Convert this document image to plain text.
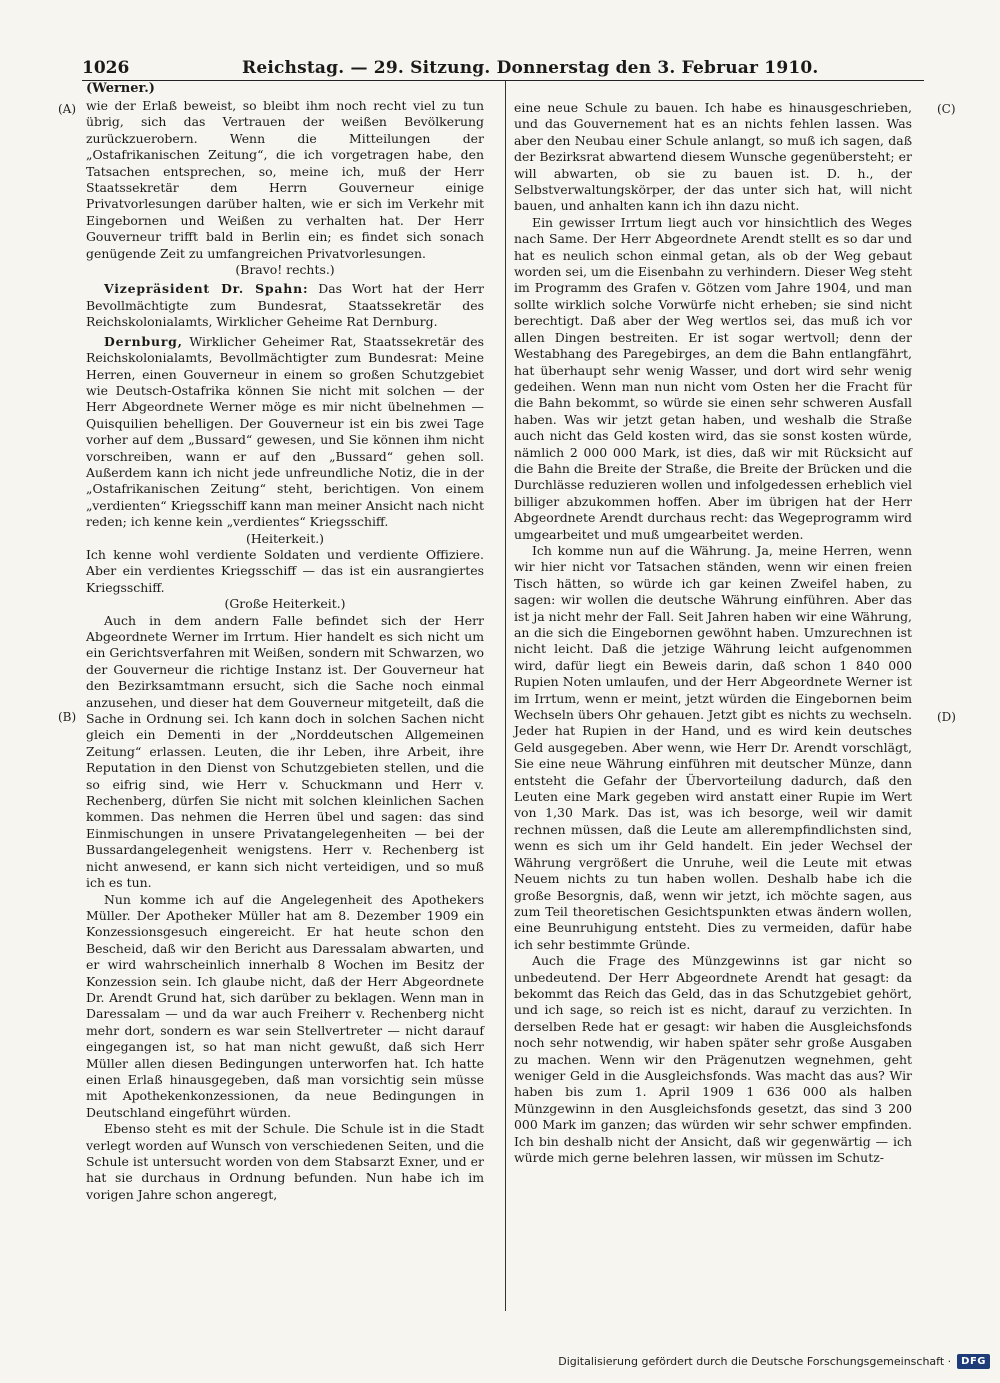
1026	Reichstag. — 29. Sitzung. Donnerstag den 3. Februar 1910.
(Werner.)
(A)
(B)
(C)
(D)

wie der Erlaß beweist, so bleibt ihm noch recht viel zu tun übrig, sich das Vertrauen der weißen Bevölkerung zurückzuerobern. Wenn die Mitteilungen der „Ostafrikanischen Zeitung“, die ich vorgetragen habe, den Tatsachen entsprechen, so, meine ich, muß der Herr Staatssekretär dem Herrn Gouverneur einige Privatvorlesungen darüber halten, wie er sich im Verkehr mit Eingebornen und Weißen zu verhalten hat. Der Herr Gouverneur trifft bald in Berlin ein; es findet sich sonach genügende Zeit zu umfangreichen Privatvorlesungen.

(Bravo! rechts.)

Vizepräsident Dr. Spahn: Das Wort hat der Herr Bevollmächtigte zum Bundesrat, Staatssekretär des Reichskolonialamts, Wirklicher Geheime Rat Dernburg.

Dernburg, Wirklicher Geheimer Rat, Staatssekretär des Reichskolonialamts, Bevollmächtigter zum Bundesrat: Meine Herren, einen Gouverneur in einem so großen Schutzgebiet wie Deutsch-Ostafrika können Sie nicht mit solchen — der Herr Abgeordnete Werner möge es mir nicht übelnehmen — Quisquilien behelligen. Der Gouverneur ist ein bis zwei Tage vorher auf dem „Bussard“ gewesen, und Sie können ihm nicht vorschreiben, wann er auf den „Bussard“ gehen soll. Außerdem kann ich nicht jede unfreundliche Notiz, die in der „Ostafrikanischen Zeitung“ steht, berichtigen. Von einem „verdienten“ Kriegsschiff kann man meiner Ansicht nach nicht reden; ich kenne kein „verdientes“ Kriegsschiff.

(Heiterkeit.)

Ich kenne wohl verdiente Soldaten und verdiente Offiziere. Aber ein verdientes Kriegsschiff — das ist ein ausrangiertes Kriegsschiff.

(Große Heiterkeit.)

Auch in dem andern Falle befindet sich der Herr Abgeordnete Werner im Irrtum. Hier handelt es sich nicht um ein Gerichtsverfahren mit Weißen, sondern mit Schwarzen, wo der Gouverneur die richtige Instanz ist. Der Gouverneur hat den Bezirksamtmann ersucht, sich die Sache noch einmal anzusehen, und dieser hat dem Gouverneur mitgeteilt, daß die Sache in Ordnung sei. Ich kann doch in solchen Sachen nicht gleich ein Dementi in der „Norddeutschen Allgemeinen Zeitung“ erlassen. Leuten, die ihr Leben, ihre Arbeit, ihre Reputation in den Dienst von Schutzgebieten stellen, und die so eifrig sind, wie Herr v. Schuckmann und Herr v. Rechenberg, dürfen Sie nicht mit solchen kleinlichen Sachen kommen. Das nehmen die Herren übel und sagen: das sind Einmischungen in unsere Privatangelegenheiten — bei der Bussardangelegenheit wenigstens. Herr v. Rechenberg ist nicht anwesend, er kann sich nicht verteidigen, und so muß ich es tun.

Nun komme ich auf die Angelegenheit des Apothekers Müller. Der Apotheker Müller hat am 8. Dezember 1909 ein Konzessionsgesuch eingereicht. Er hat heute schon den Bescheid, daß wir den Bericht aus Daressalam abwarten, und er wird wahrscheinlich innerhalb 8 Wochen im Besitz der Konzession sein. Ich glaube nicht, daß der Herr Abgeordnete Dr. Arendt Grund hat, sich darüber zu beklagen. Wenn man in Daressalam — und da war auch Freiherr v. Rechenberg nicht mehr dort, sondern es war sein Stellvertreter — nicht darauf eingegangen ist, so hat man nicht gewußt, daß sich Herr Müller allen diesen Bedingungen unterworfen hat. Ich hatte einen Erlaß hinausgegeben, daß man vorsichtig sein müsse mit Apothekenkonzessionen, da neue Bedingungen in Deutschland eingeführt würden.

Ebenso steht es mit der Schule. Die Schule ist in die Stadt verlegt worden auf Wunsch von verschiedenen Seiten, und die Schule ist untersucht worden von dem Stabsarzt Exner, und er hat sie durchaus in Ordnung befunden. Nun habe ich im vorigen Jahre schon angeregt,

eine neue Schule zu bauen. Ich habe es hinausgeschrieben, und das Gouvernement hat es an nichts fehlen lassen. Was aber den Neubau einer Schule anlangt, so muß ich sagen, daß der Bezirksrat abwartend diesem Wunsche gegenübersteht; er will abwarten, ob sie zu bauen ist. D. h., der Selbstverwaltungskörper, der das unter sich hat, will nicht bauen, und anhalten kann ich ihn dazu nicht.

Ein gewisser Irrtum liegt auch vor hinsichtlich des Weges nach Same. Der Herr Abgeordnete Arendt stellt es so dar und hat es neulich schon einmal getan, als ob der Weg gebaut worden sei, um die Eisenbahn zu verhindern. Dieser Weg steht im Programm des Grafen v. Götzen vom Jahre 1904, und man sollte wirklich solche Vorwürfe nicht erheben; sie sind nicht berechtigt. Daß aber der Weg wertlos sei, das muß ich vor allen Dingen bestreiten. Er ist sogar wertvoll; denn der Westabhang des Paregebirges, an dem die Bahn entlangfährt, hat überhaupt sehr wenig Wasser, und dort wird sehr wenig gedeihen. Wenn man nun nicht vom Osten her die Fracht für die Bahn bekommt, so würde sie einen sehr schweren Ausfall haben. Was wir jetzt getan haben, und weshalb die Straße auch nicht das Geld kosten wird, das sie sonst kosten würde, nämlich 2 000 000 Mark, ist dies, daß wir mit Rücksicht auf die Bahn die Breite der Straße, die Breite der Brücken und die Durchlässe reduzieren wollen und infolgedessen erheblich viel billiger abzukommen hoffen. Aber im übrigen hat der Herr Abgeordnete Arendt durchaus recht: das Wegeprogramm wird umgearbeitet und muß umgearbeitet werden.

Ich komme nun auf die Währung. Ja, meine Herren, wenn wir hier nicht vor Tatsachen ständen, wenn wir einen freien Tisch hätten, so würde ich gar keinen Zweifel haben, zu sagen: wir wollen die deutsche Währung einführen. Aber das ist ja nicht mehr der Fall. Seit Jahren haben wir eine Währung, an die sich die Eingebornen gewöhnt haben. Umzurechnen ist nicht leicht. Daß die jetzige Währung leicht aufgenommen wird, dafür liegt ein Beweis darin, daß schon 1 840 000 Rupien Noten umlaufen, und der Herr Abgeordnete Werner ist im Irrtum, wenn er meint, jetzt würden die Eingebornen beim Wechseln übers Ohr gehauen. Jetzt gibt es nichts zu wechseln. Jeder hat Rupien in der Hand, und es wird kein deutsches Geld ausgegeben. Aber wenn, wie Herr Dr. Arendt vorschlägt, Sie eine neue Währung einführen mit deutscher Münze, dann entsteht die Gefahr der Übervorteilung dadurch, daß den Leuten eine Mark gegeben wird anstatt einer Rupie im Wert von 1,30 Mark. Das ist, was ich besorge, weil wir damit rechnen müssen, daß die Leute am allerempfindlichsten sind, wenn es sich um ihr Geld handelt. Ein jeder Wechsel der Währung vergrößert die Unruhe, weil die Leute mit etwas Neuem nichts zu tun haben wollen. Deshalb habe ich die große Besorgnis, daß, wenn wir jetzt, ich möchte sagen, aus zum Teil theoretischen Gesichtspunkten etwas ändern wollen, eine Beunruhigung entsteht. Dies zu vermeiden, dafür habe ich sehr bestimmte Gründe.

Auch die Frage des Münzgewinns ist gar nicht so unbedeutend. Der Herr Abgeordnete Arendt hat gesagt: da bekommt das Reich das Geld, das in das Schutzgebiet gehört, und ich sage, so reich ist es nicht, darauf zu verzichten. In derselben Rede hat er gesagt: wir haben die Ausgleichsfonds noch sehr notwendig, wir haben später sehr große Ausgaben zu machen. Wenn wir den Prägenutzen wegnehmen, geht weniger Geld in die Ausgleichsfonds. Was macht das aus? Wir haben bis zum 1. April 1909 1 636 000 als halben Münzgewinn in den Ausgleichsfonds gesetzt, das sind 3 200 000 Mark im ganzen; das würden wir sehr schwer empfinden. Ich bin deshalb nicht der Ansicht, daß wir gegenwärtig — ich würde mich gerne belehren lassen, wir müssen im Schutz-

Digitalisierung gefördert durch die Deutsche Forschungsgemeinschaft ·	DFG
